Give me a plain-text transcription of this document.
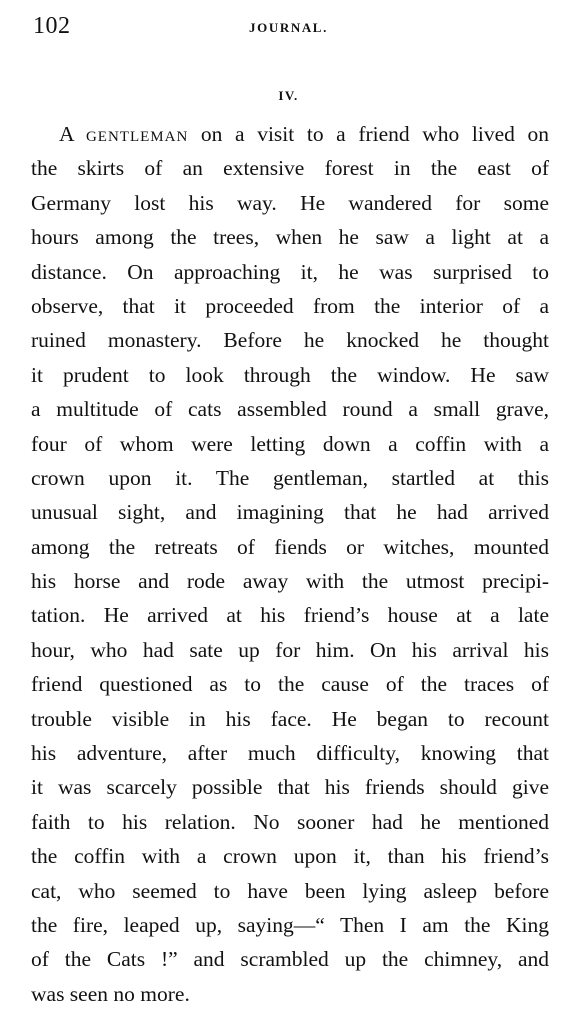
102	JOURNAL.
IV.
A GENTLEMAN on a visit to a friend who lived on
the skirts of an extensive forest in the east of
Germany lost his way. He wandered for some
hours among the trees, when he saw a light at a
distance. On approaching it, he was surprised to
observe, that it proceeded from the interior of a
ruined monastery. Before he knocked he thought
it prudent to look through the window. He saw
a multitude of cats assembled round a small grave,
four of whom were letting down a coffin with a
crown upon it. The gentleman, startled at this
unusual sight, and imagining that he had arrived
among the retreats of fiends or witches, mounted
his horse and rode away with the utmost precipi-
tation. He arrived at his friend’s house at a late
hour, who had sate up for him. On his arrival his
friend questioned as to the cause of the traces of
trouble visible in his face. He began to recount
his adventure, after much difficulty, knowing that
it was scarcely possible that his friends should give
faith to his relation. No sooner had he mentioned
the coffin with a crown upon it, than his friend’s
cat, who seemed to have been lying asleep before
the fire, leaped up, saying—“ Then I am the King
of the Cats !” and scrambled up the chimney, and
was seen no more.
